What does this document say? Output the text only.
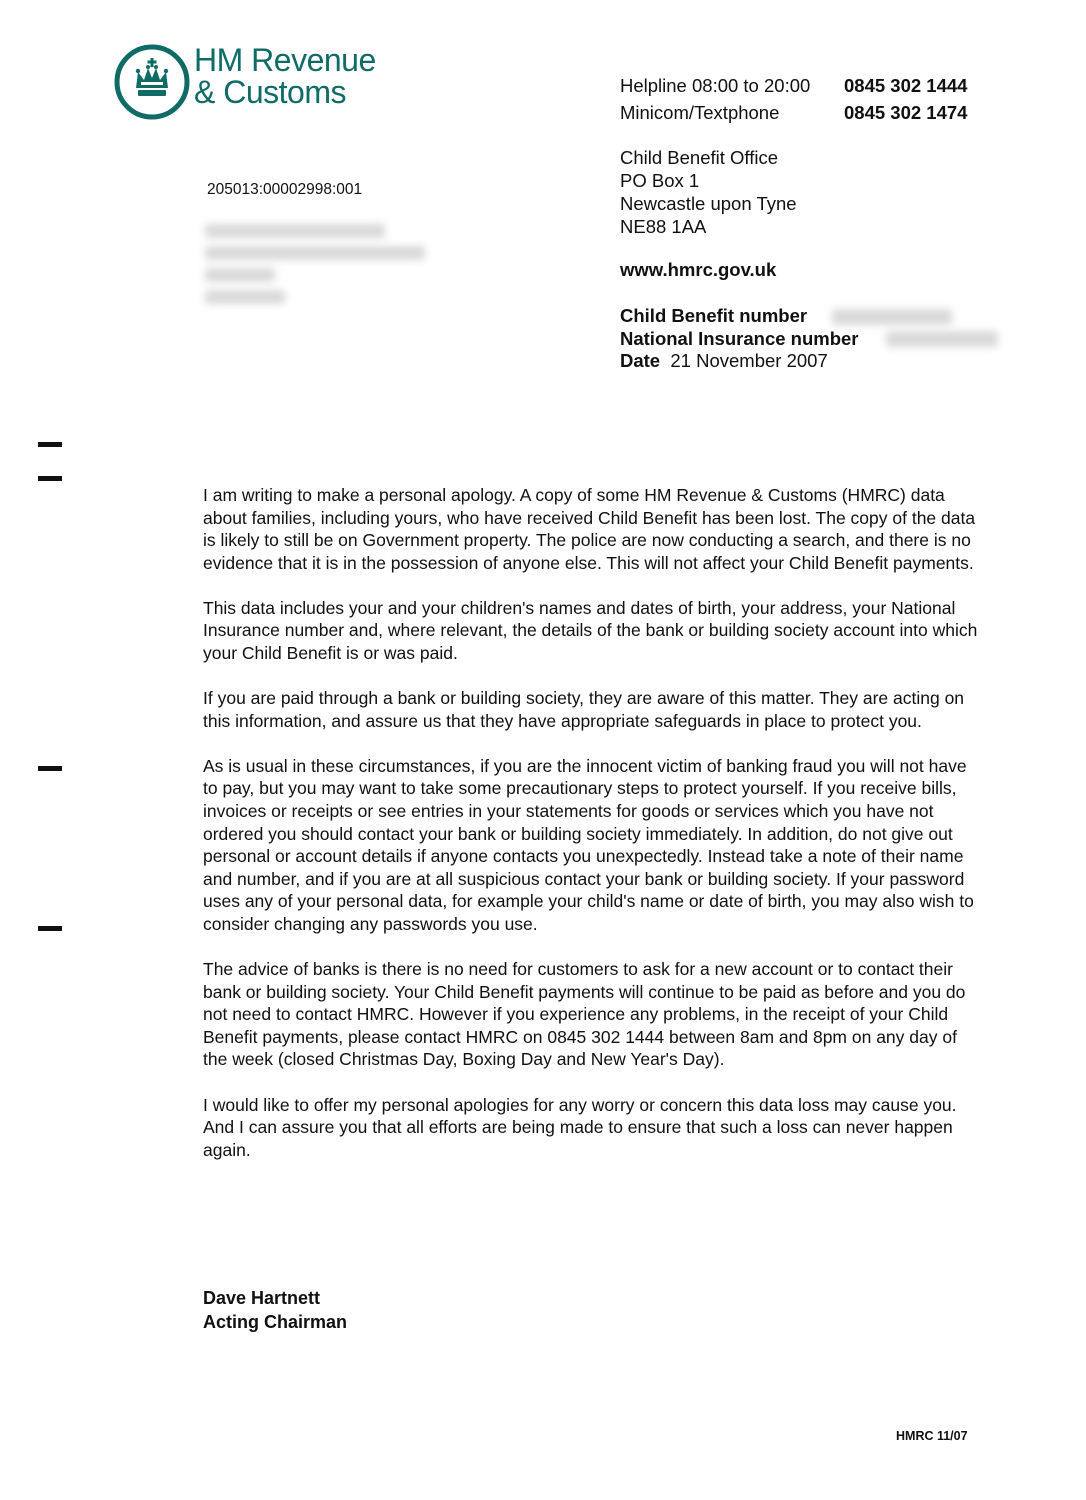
HM Revenue
& Customs	Helpline 08:00 to 20:00 0845 302 1444
Minicom/Textphone	0845 302 1474
205013:00002998:001
Child Benefit Office
PO Box 1
Newcastle upon Tyne
NE88 1AA
www.hmrc.gov.uk
Child Benefit number
National Insurance number
Date 21 November 2007

I am writing to make a personal apology. A copy of some HM Revenue & Customs (HMRC) data about families, including yours, who have received Child Benefit has been lost. The copy of the data is likely to still be on Government property. The police are now conducting a search, and there is no evidence that it is in the possession of anyone else. This will not affect your Child Benefit payments.

This data includes your and your children's names and dates of birth, your address, your National Insurance number and, where relevant, the details of the bank or building society account into which your Child Benefit is or was paid.

If you are paid through a bank or building society, they are aware of this matter. They are acting on this information, and assure us that they have appropriate safeguards in place to protect you.

As is usual in these circumstances, if you are the innocent victim of banking fraud you will not have to pay, but you may want to take some precautionary steps to protect yourself. If you receive bills, invoices or receipts or see entries in your statements for goods or services which you have not ordered you should contact your bank or building society immediately. In addition, do not give out personal or account details if anyone contacts you unexpectedly. Instead take a note of their name and number, and if you are at all suspicious contact your bank or building society. If your password uses any of your personal data, for example your child's name or date of birth, you may also wish to consider changing any passwords you use.

The advice of banks is there is no need for customers to ask for a new account or to contact their bank or building society. Your Child Benefit payments will continue to be paid as before and you do not need to contact HMRC. However if you experience any problems, in the receipt of your Child Benefit payments, please contact HMRC on 0845 302 1444 between 8am and 8pm on any day of the week (closed Christmas Day, Boxing Day and New Year's Day).

I would like to offer my personal apologies for any worry or concern this data loss may cause you. And I can assure you that all efforts are being made to ensure that such a loss can never happen again.

Dave Hartnett
Acting Chairman
HMRC 11/07
